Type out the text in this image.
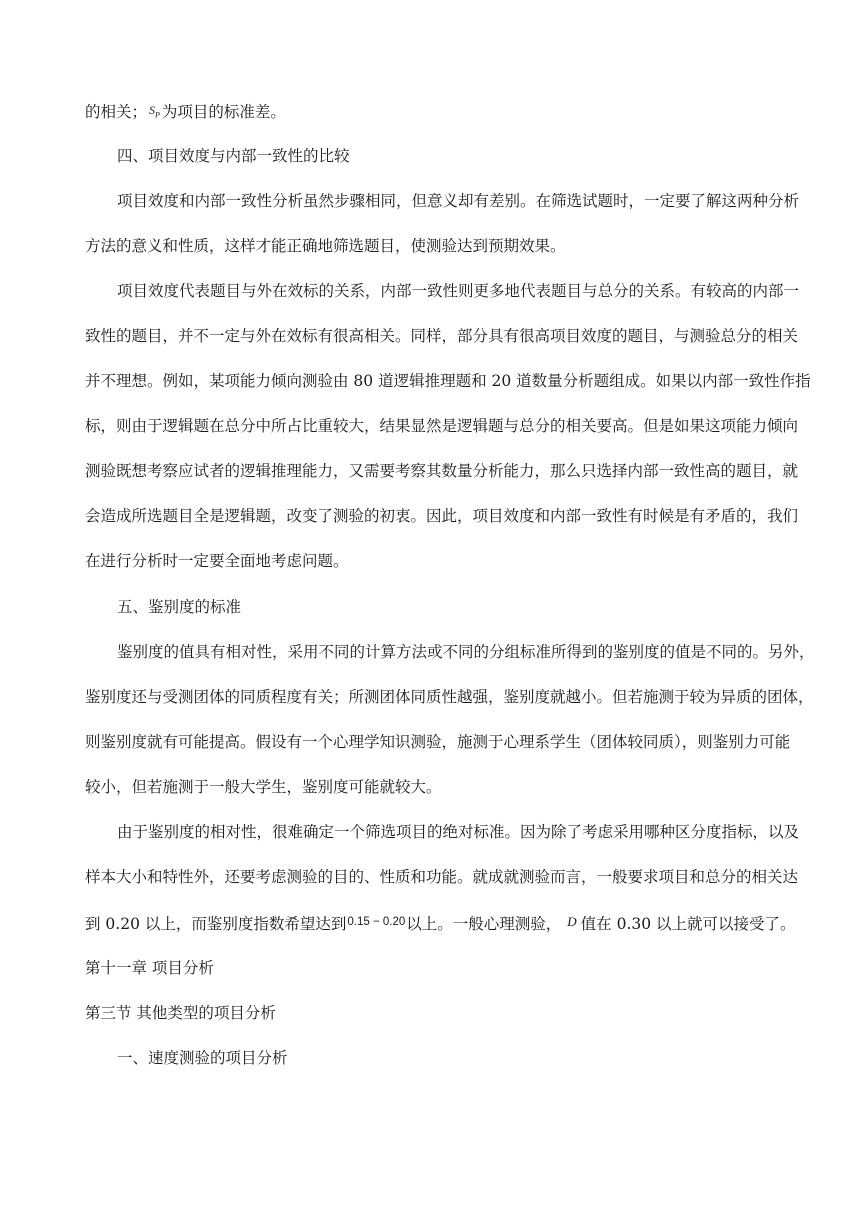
的相关； $S_P$ 为项目的标准差。
四、项目效度与内部一致性的比较
项目效度和内部一致性分析虽然步骤相同，但意义却有差别。在筛选试题时，一定要了解这两种分析
方法的意义和性质，这样才能正确地筛选题目，使测验达到预期效果。
项目效度代表题目与外在效标的关系，内部一致性则更多地代表题目与总分的关系。有较高的内部一
致性的题目，并不一定与外在效标有很高相关。同样，部分具有很高项目效度的题目，与测验总分的相关
并不理想。例如，某项能力倾向测验由 80 道逻辑推理题和 20 道数量分析题组成。如果以内部一致性作指
标，则由于逻辑题在总分中所占比重较大，结果显然是逻辑题与总分的相关要高。但是如果这项能力倾向
测验既想考察应试者的逻辑推理能力，又需要考察其数量分析能力，那么只选择内部一致性高的题目，就
会造成所选题目全是逻辑题，改变了测验的初衷。因此，项目效度和内部一致性有时候是有矛盾的，我们
在进行分析时一定要全面地考虑问题。
五、鉴别度的标准
鉴别度的值具有相对性，采用不同的计算方法或不同的分组标准所得到的鉴别度的值是不同的。另外，
鉴别度还与受测团体的同质程度有关；所测团体同质性越强，鉴别度就越小。但若施测于较为异质的团体，
则鉴别度就有可能提高。假设有一个心理学知识测验，施测于心理系学生（团体较同质），则鉴别力可能
较小，但若施测于一般大学生，鉴别度可能就较大。
由于鉴别度的相对性，很难确定一个筛选项目的绝对标准。因为除了考虑采用哪种区分度指标，以及
样本大小和特性外，还要考虑测验的目的、性质和功能。就成就测验而言，一般要求项目和总分的相关达
到 0.20 以上，而鉴别度指数希望达到$^{0.15 - 0.20}$以上。一般心理测验， D 值在 0.30 以上就可以接受了。
第十一章 项目分析
第三节 其他类型的项目分析
一、速度测验的项目分析
